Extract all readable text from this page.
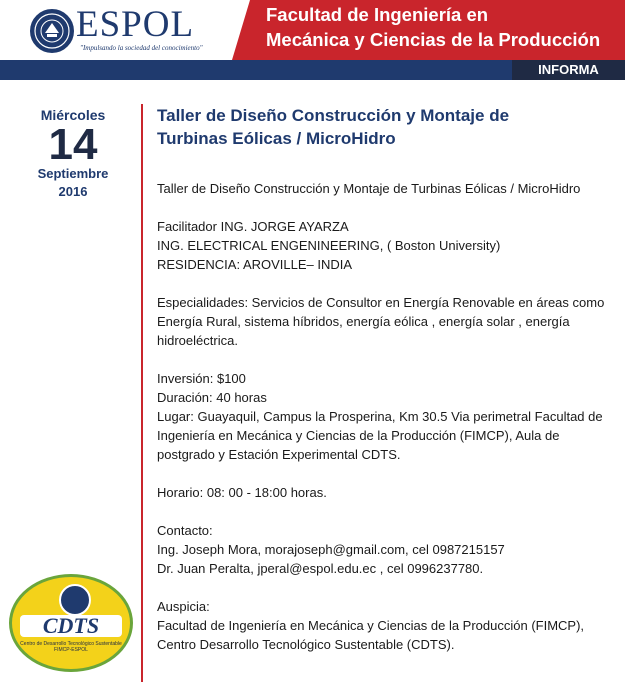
ESPOL
"Impulsando la sociedad del conocimiento"
Facultad de Ingeniería en
Mecánica y Ciencias de la Producción
INFORMA
Miércoles
14
Septiembre
2016
Taller de Diseño Construcción y Montaje de Turbinas Eólicas / MicroHidro

Taller de Diseño Construcción y Montaje de Turbinas Eólicas / MicroHidro

Facilitador ING. JORGE AYARZA

ING. ELECTRICAL ENGENINEERING, ( Boston University)

RESIDENCIA: AROVILLE– INDIA

Especialidades: Servicios de Consultor en Energía Renovable en áreas como Energía Rural, sistema híbridos, energía eólica , energía solar , energía hidroeléctrica.

Inversión: $100

Duración: 40 horas

Lugar: Guayaquil, Campus la Prosperina, Km 30.5 Via perimetral Facultad de Ingeniería en Mecánica y Ciencias de la Producción (FIMCP), Aula de postgrado y Estación Experimental CDTS.

Horario: 08: 00 - 18:00 horas.

Contacto:

Ing. Joseph Mora, morajoseph@gmail.com, cel 0987215157

Dr. Juan Peralta, jperal@espol.edu.ec , cel 0996237780.

Auspicia:

Facultad de Ingeniería en Mecánica y Ciencias de la Producción (FIMCP), Centro Desarrollo Tecnológico Sustentable (CDTS).

CDTS
Centro de Desarrollo Tecnológico Sustentable FIMCP-ESPOL
